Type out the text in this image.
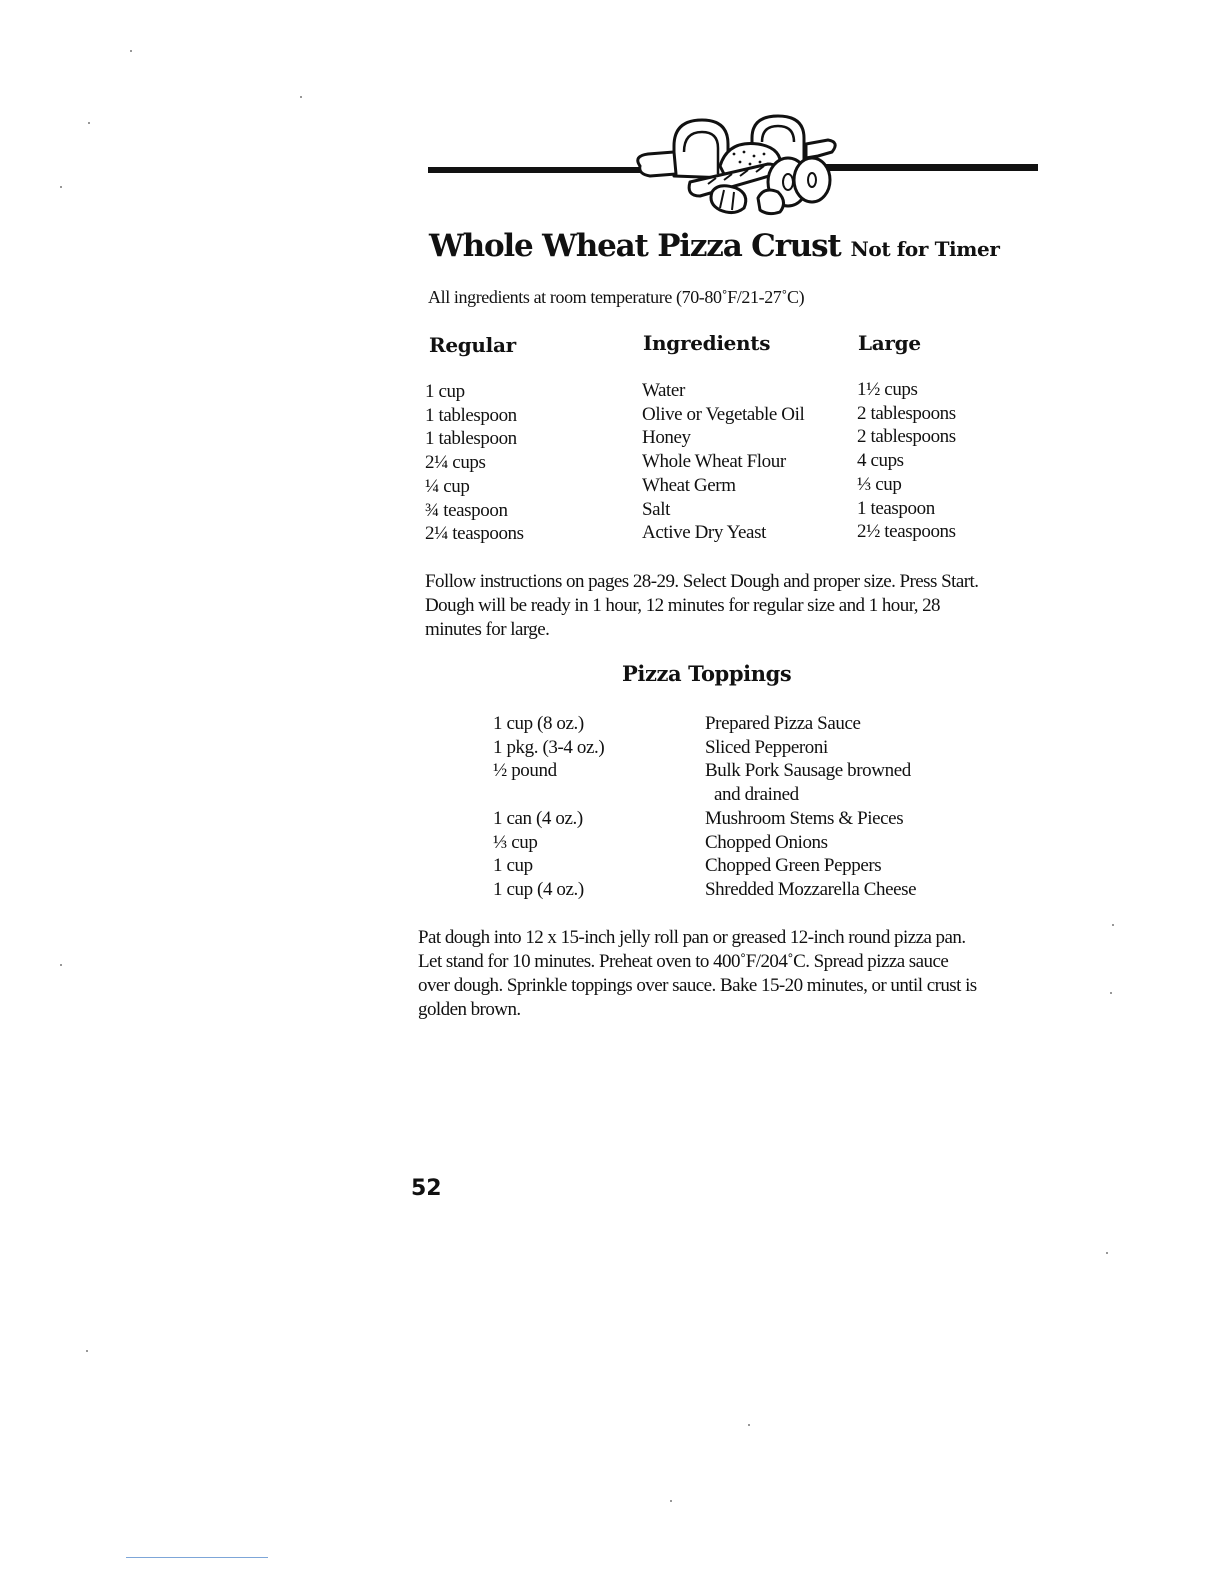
Whole Wheat Pizza Crust Not for Timer
All ingredients at room temperature (70-80˚F/21-27˚C)
Regular	Ingredients	Large
1 cup
1 tablespoon
1 tablespoon
2¼ cups
¼ cup
¾ teaspoon
2¼ teaspoons
Water
Olive or Vegetable Oil
Honey
Whole Wheat Flour
Wheat Germ
Salt
Active Dry Yeast
1½ cups
2 tablespoons
2 tablespoons
4 cups
⅓ cup
1 teaspoon
2½ teaspoons

Follow instructions on pages 28-29. Select Dough and proper size. Press Start. Dough will be ready in 1 hour, 12 minutes for regular size and 1 hour, 28 minutes for large.

Pizza Toppings
1 cup (8 oz.)
1 pkg. (3-4 oz.)
½ pound
1 can (4 oz.)
⅓ cup
1 cup
1 cup (4 oz.)
Prepared Pizza Sauce
Sliced Pepperoni
Bulk Pork Sausage browned
and drained
Mushroom Stems & Pieces
Chopped Onions
Chopped Green Peppers
Shredded Mozzarella Cheese

Pat dough into 12 x 15-inch jelly roll pan or greased 12-inch round pizza pan. Let stand for 10 minutes. Preheat oven to 400˚F/204˚C. Spread pizza sauce over dough. Sprinkle toppings over sauce. Bake 15-20 minutes, or until crust is golden brown.

52
